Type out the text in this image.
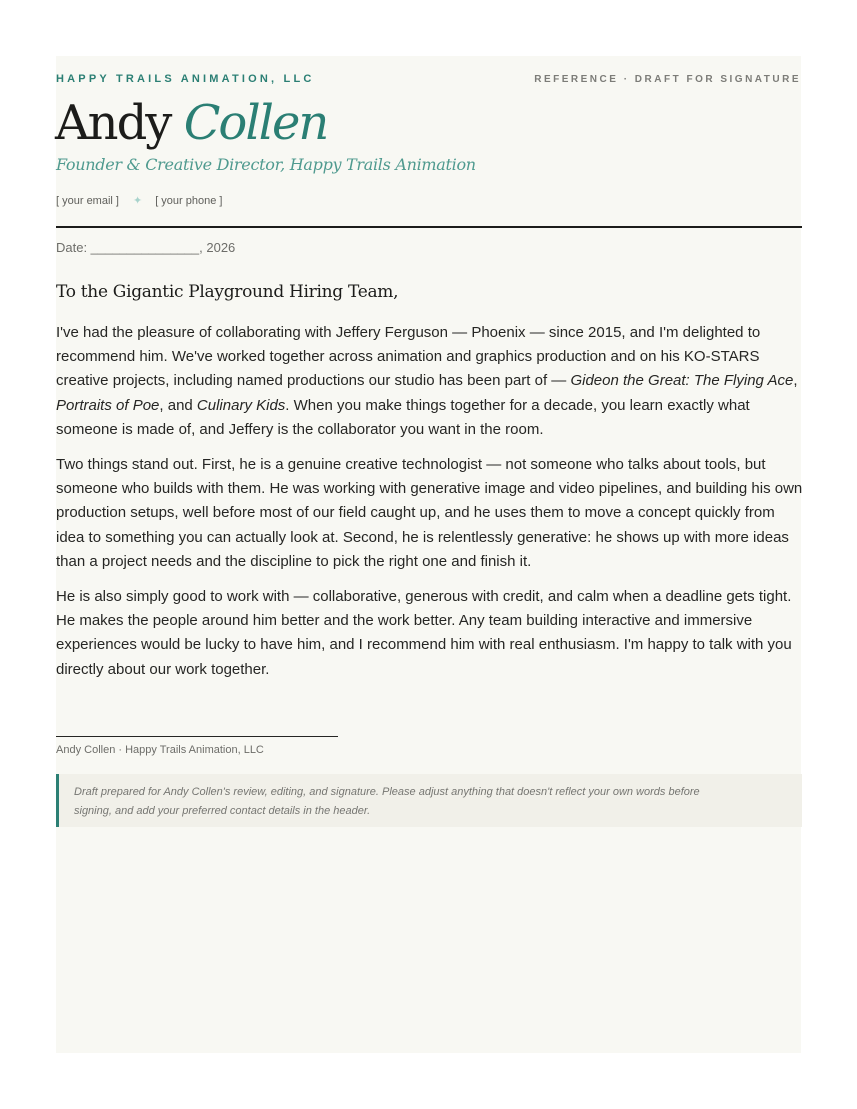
HAPPY TRAILS ANIMATION, LLC	REFERENCE · DRAFT FOR SIGNATURE
Andy Collen
Founder & Creative Director, Happy Trails Animation
[ your email ] ✦ [ your phone ]
Date: _______________, 2026
To the Gigantic Playground Hiring Team,

I've had the pleasure of collaborating with Jeffery Ferguson — Phoenix — since 2015, and I'm delighted to recommend him. We've worked together across animation and graphics production and on his KO-STARS creative projects, including named productions our studio has been part of — Gideon the Great: The Flying Ace, Portraits of Poe, and Culinary Kids. When you make things together for a decade, you learn exactly what someone is made of, and Jeffery is the collaborator you want in the room.

Two things stand out. First, he is a genuine creative technologist — not someone who talks about tools, but someone who builds with them. He was working with generative image and video pipelines, and building his own production setups, well before most of our field caught up, and he uses them to move a concept quickly from idea to something you can actually look at. Second, he is relentlessly generative: he shows up with more ideas than a project needs and the discipline to pick the right one and finish it.

He is also simply good to work with — collaborative, generous with credit, and calm when a deadline gets tight. He makes the people around him better and the work better. Any team building interactive and immersive experiences would be lucky to have him, and I recommend him with real enthusiasm. I'm happy to talk with you directly about our work together.

Andy Collen · Happy Trails Animation, LLC
Draft prepared for Andy Collen's review, editing, and signature. Please adjust anything that doesn't reflect your own words before
signing, and add your preferred contact details in the header.
